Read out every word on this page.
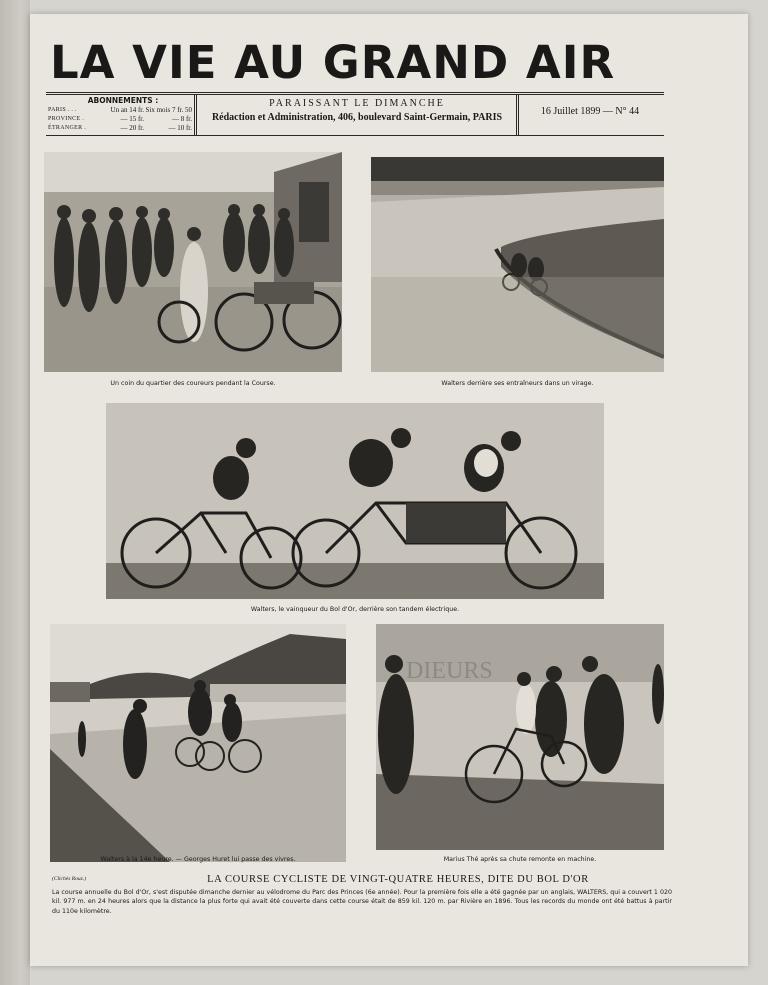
LA VIE AU GRAND AIR
ABONNEMENTS :
PARIS . . .	Un an 14 fr. Six mois 7 fr. 50
PROVINCE .	— 15 fr.	— 8 fr.
ÉTRANGER .	— 20 fr.	— 10 fr.
PARAISSANT LE DIMANCHE
Rédaction et Administration, 406, boulevard Saint-Germain, PARIS
16 Juillet 1899 — N° 44
Un coin du quartier des coureurs pendant la Course.	Walters derrière ses entraîneurs dans un virage.
Walters, le vainqueur du Bol d'Or, derrière son tandem électrique.
Walters à la 14e heure. — Georges Huret lui passe des vivres.
DIEURS
Marius Thé après sa chute remonte en machine.
(Clichés Rouz.)	LA COURSE CYCLISTE DE VINGT-QUATRE HEURES, DITE DU BOL D'OR
La course annuelle du Bol d'Or, s'est disputée dimanche dernier au vélodrome du Parc des Princes (6e année). Pour la première fois elle a été gagnée par un anglais, WALTERS, qui a couvert 1 020 kil. 977 m. en 24 heures alors que la distance la plus forte qui avait été couverte dans cette course était de 859 kil. 120 m. par Rivière en 1896. Tous les records du monde ont été battus à partir du 110e kilomètre.
